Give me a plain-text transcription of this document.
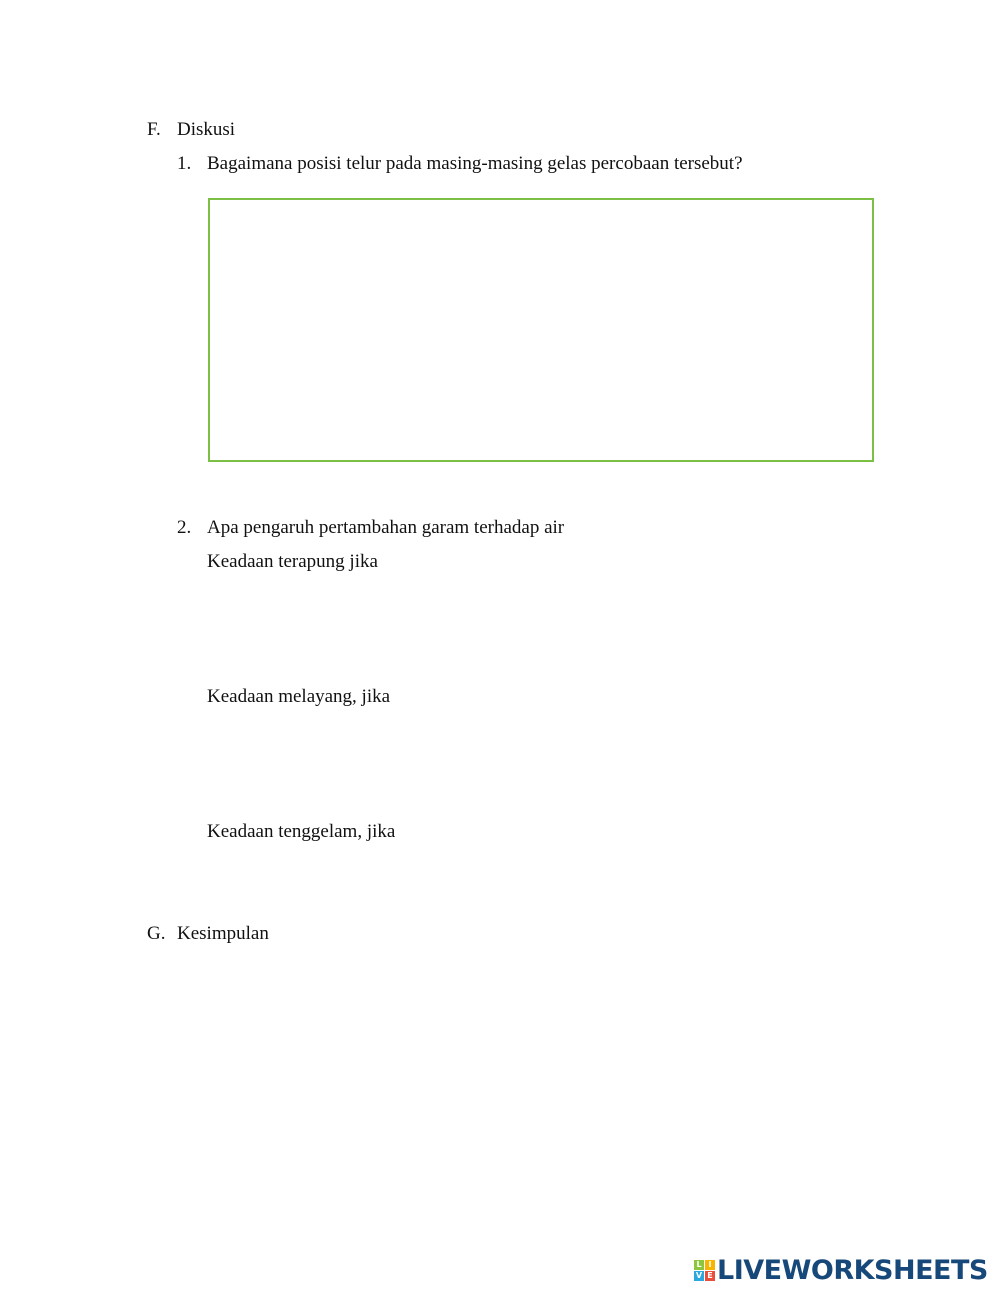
F. Diskusi
1. Bagaimana posisi telur pada masing-masing gelas percobaan tersebut?
2. Apa pengaruh pertambahan garam terhadap air
Keadaan terapung jika
Keadaan melayang, jika
Keadaan tenggelam, jika
G. Kesimpulan
L I
V E LIVEWORKSHEETS
